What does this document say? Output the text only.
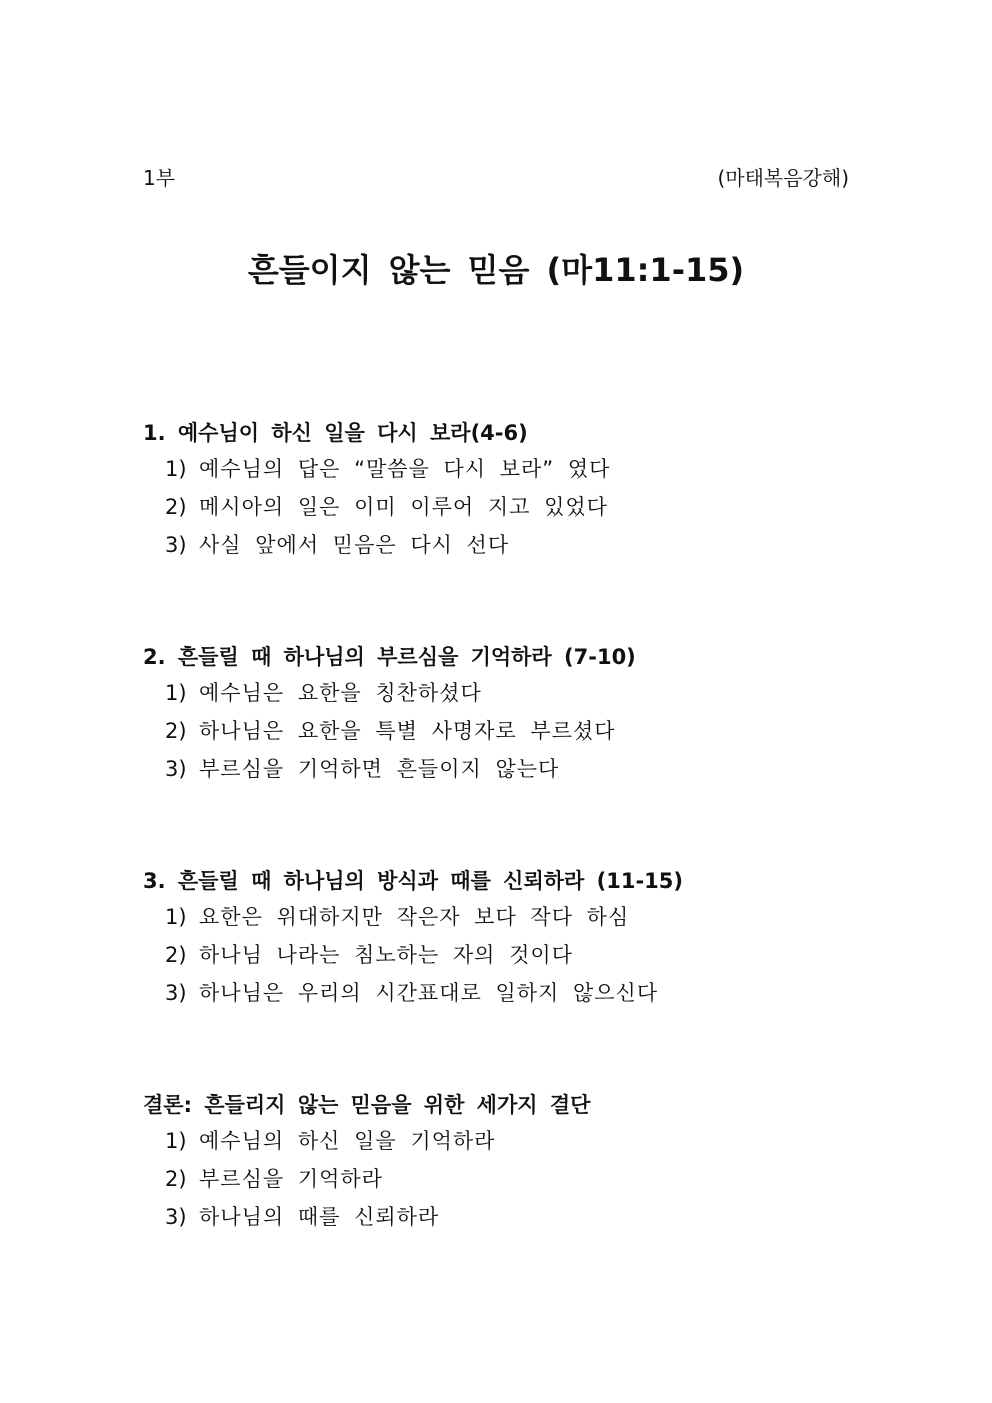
1부	(마태복음강해)
흔들이지 않는 믿음 (마11:1-15)
1. 예수님이 하신 일을 다시 보라(4-6)
1) 예수님의 답은 “말씀을 다시 보라” 였다
2) 메시아의 일은 이미 이루어 지고 있었다
3) 사실 앞에서 믿음은 다시 선다
2. 흔들릴 때 하나님의 부르심을 기억하라 (7-10)
1) 예수님은 요한을 칭찬하셨다
2) 하나님은 요한을 특별 사명자로 부르셨다
3) 부르심을 기억하면 흔들이지 않는다
3. 흔들릴 때 하나님의 방식과 때를 신뢰하라 (11-15)
1) 요한은 위대하지만 작은자 보다 작다 하심
2) 하나님 나라는 침노하는 자의 것이다
3) 하나님은 우리의 시간표대로 일하지 않으신다
결론: 흔들리지 않는 믿음을 위한 세가지 결단
1) 예수님의 하신 일을 기억하라
2) 부르심을 기억하라
3) 하나님의 때를 신뢰하라
